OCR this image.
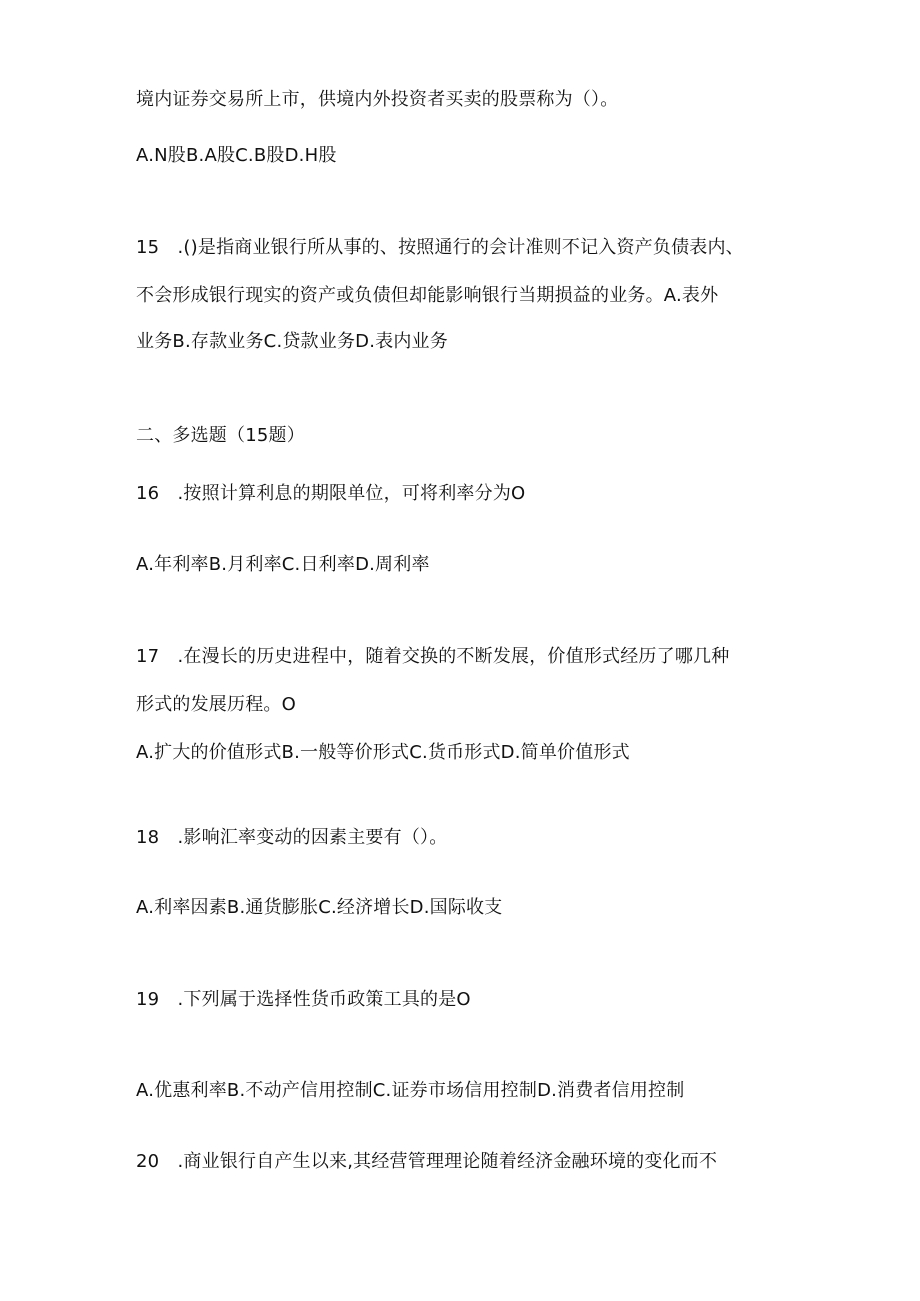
境内证券交易所上市，供境内外投资者买卖的股票称为（）。

A.N股B.A股C.B股D.H股

15　.()是指商业银行所从事的、按照通行的会计准则不记入资产负债表内、

不会形成银行现实的资产或负债但却能影响银行当期损益的业务。A.表外

业务B.存款业务C.贷款业务D.表内业务

二、多选题（15题）

16　.按照计算利息的期限单位，可将利率分为O

A.年利率B.月利率C.日利率D.周利率

17　.在漫长的历史进程中，随着交换的不断发展，价值形式经历了哪几种

形式的发展历程。O

A.扩大的价值形式B.一般等价形式C.货币形式D.简单价值形式

18　.影响汇率变动的因素主要有（）。

A.利率因素B.通货膨胀C.经济增长D.国际收支

19　.下列属于选择性货币政策工具的是O

A.优惠利率B.不动产信用控制C.证券市场信用控制D.消费者信用控制

20　.商业银行自产生以来,其经营管理理论随着经济金融环境的变化而不
